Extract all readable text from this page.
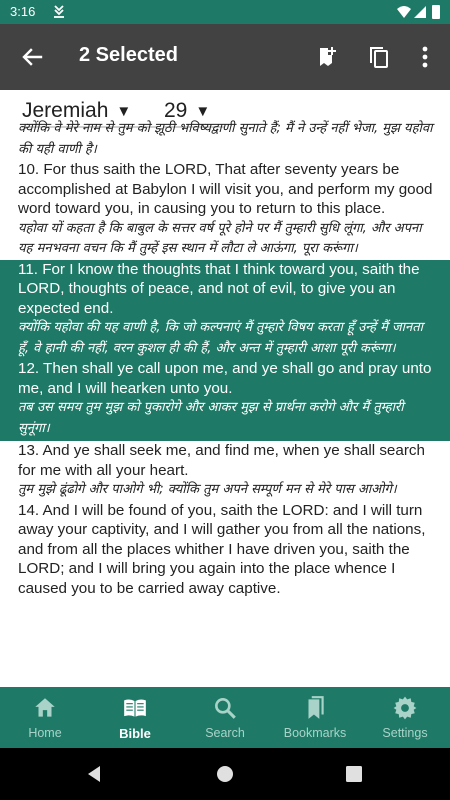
3:16
2 Selected
Jeremiah ▼ 29 ▼
क्योंकि वे मेरे नाम से तुम को झूठी भविष्यद्वाणी सुनाते हैं; मैं ने उन्हें नहीं भेजा, मुझ यहोवा की यही वाणी है।
10. For thus saith the LORD, That after seventy years be accomplished at Babylon I will visit you, and perform my good word toward you, in causing you to return to this place.
यहोवा यों कहता है कि बाबुल के सत्तर वर्ष पूरे होने पर मैं तुम्हारी सुधि लूंगा, और अपना यह मनभवना वचन कि मैं तुम्हें इस स्थान में लौटा ले आऊंगा, पूरा करूंगा।
11. For I know the thoughts that I think toward you, saith the LORD, thoughts of peace, and not of evil, to give you an expected end.
क्योंकि यहोवा की यह वाणी है, कि जो कल्पनाएं मैं तुम्हारे विषय करता हूँ उन्हें मैं जानता हूँ, वे हानी की नहीं, वरन कुशल ही की हैं, और अन्त में तुम्हारी आशा पूरी करूंगा।
12. Then shall ye call upon me, and ye shall go and pray unto me, and I will hearken unto you.
तब उस समय तुम मुझ को पुकारोगे और आकर मुझ से प्रार्थना करोगे और मैं तुम्हारी सुनूंगा।
13. And ye shall seek me, and find me, when ye shall search for me with all your heart.
तुम मुझे ढूंढोगे और पाओगे भी; क्योंकि तुम अपने सम्पूर्ण मन से मेरे पास आओगे।
14. And I will be found of you, saith the LORD: and I will turn away your captivity, and I will gather you from all the nations, and from all the places whither I have driven you, saith the LORD; and I will bring you again into the place whence I caused you to be carried away captive.
Home	Bible	Search	Bookmarks	Settings
